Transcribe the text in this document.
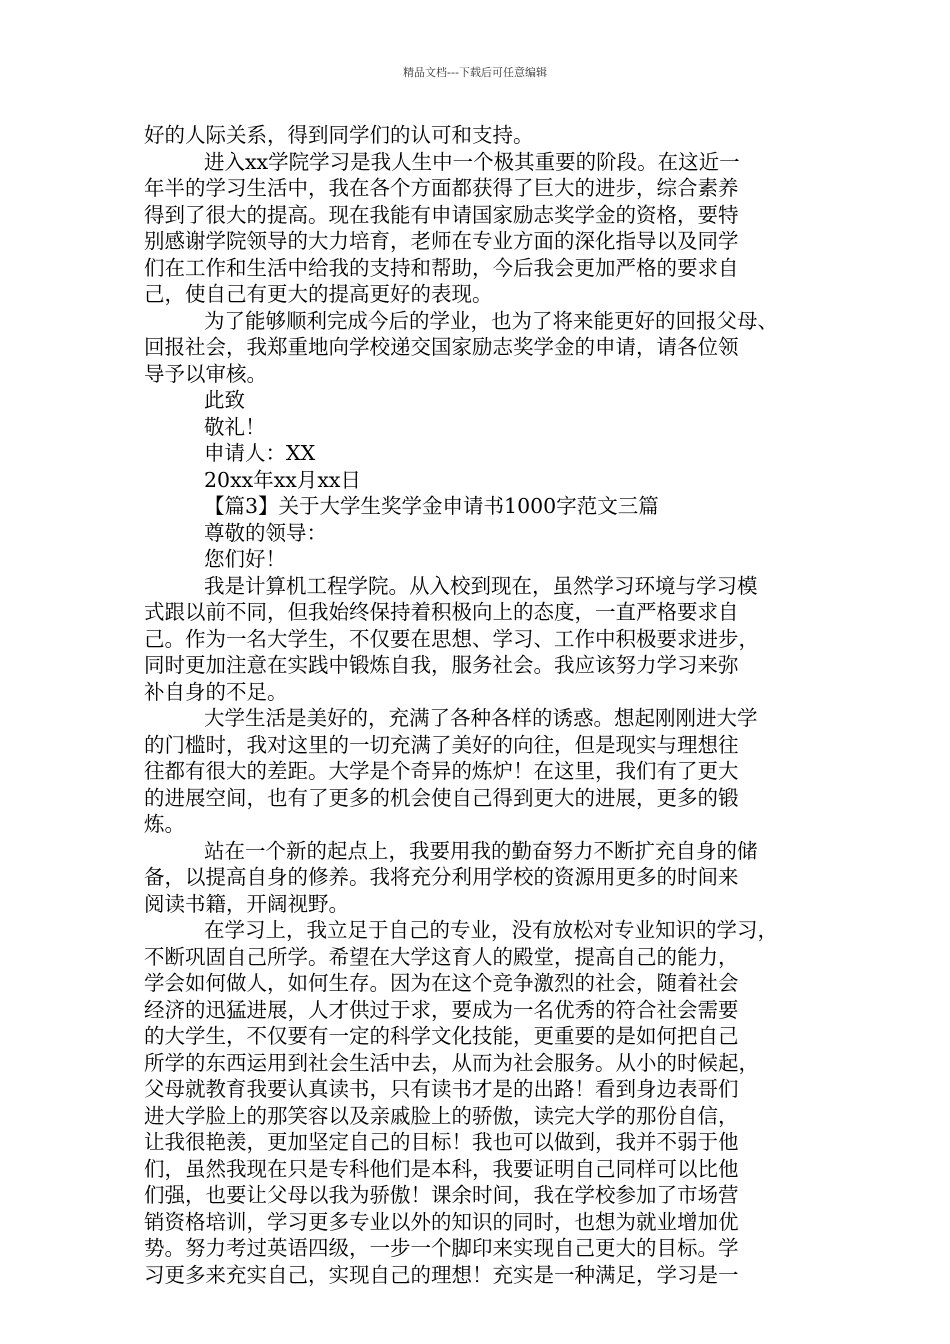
精品文档---下载后可任意编辑
好的人际关系，得到同学们的认可和支持。
进入xx学院学习是我人生中一个极其重要的阶段。在这近一
年半的学习生活中，我在各个方面都获得了巨大的进步，综合素养
得到了很大的提高。现在我能有申请国家励志奖学金的资格，要特
别感谢学院领导的大力培育，老师在专业方面的深化指导以及同学
们在工作和生活中给我的支持和帮助，今后我会更加严格的要求自
己，使自己有更大的提高更好的表现。
为了能够顺利完成今后的学业，也为了将来能更好的回报父母、
回报社会，我郑重地向学校递交国家励志奖学金的申请，请各位领
导予以审核。
此致
敬礼！
申请人：XX
20xx年xx月xx日
【篇3】关于大学生奖学金申请书1000字范文三篇
尊敬的领导：
您们好！
我是计算机工程学院。从入校到现在，虽然学习环境与学习模
式跟以前不同，但我始终保持着积极向上的态度，一直严格要求自
己。作为一名大学生，不仅要在思想、学习、工作中积极要求进步，
同时更加注意在实践中锻炼自我，服务社会。我应该努力学习来弥
补自身的不足。
大学生活是美好的，充满了各种各样的诱惑。想起刚刚进大学
的门槛时，我对这里的一切充满了美好的向往，但是现实与理想往
往都有很大的差距。大学是个奇异的炼炉！在这里，我们有了更大
的进展空间，也有了更多的机会使自己得到更大的进展，更多的锻
炼。
站在一个新的起点上，我要用我的勤奋努力不断扩充自身的储
备，以提高自身的修养。我将充分利用学校的资源用更多的时间来
阅读书籍，开阔视野。
在学习上，我立足于自己的专业，没有放松对专业知识的学习，
不断巩固自己所学。希望在大学这育人的殿堂，提高自己的能力，
学会如何做人，如何生存。因为在这个竞争激烈的社会，随着社会
经济的迅猛进展，人才供过于求，要成为一名优秀的符合社会需要
的大学生，不仅要有一定的科学文化技能，更重要的是如何把自己
所学的东西运用到社会生活中去，从而为社会服务。从小的时候起，
父母就教育我要认真读书，只有读书才是的出路！看到身边表哥们
进大学脸上的那笑容以及亲戚脸上的骄傲，读完大学的那份自信，
让我很艳羡，更加坚定自己的目标！我也可以做到，我并不弱于他
们，虽然我现在只是专科他们是本科，我要证明自己同样可以比他
们强，也要让父母以我为骄傲！课余时间，我在学校参加了市场营
销资格培训，学习更多专业以外的知识的同时，也想为就业增加优
势。努力考过英语四级，一步一个脚印来实现自己更大的目标。学
习更多来充实自己，实现自己的理想！充实是一种满足，学习是一
